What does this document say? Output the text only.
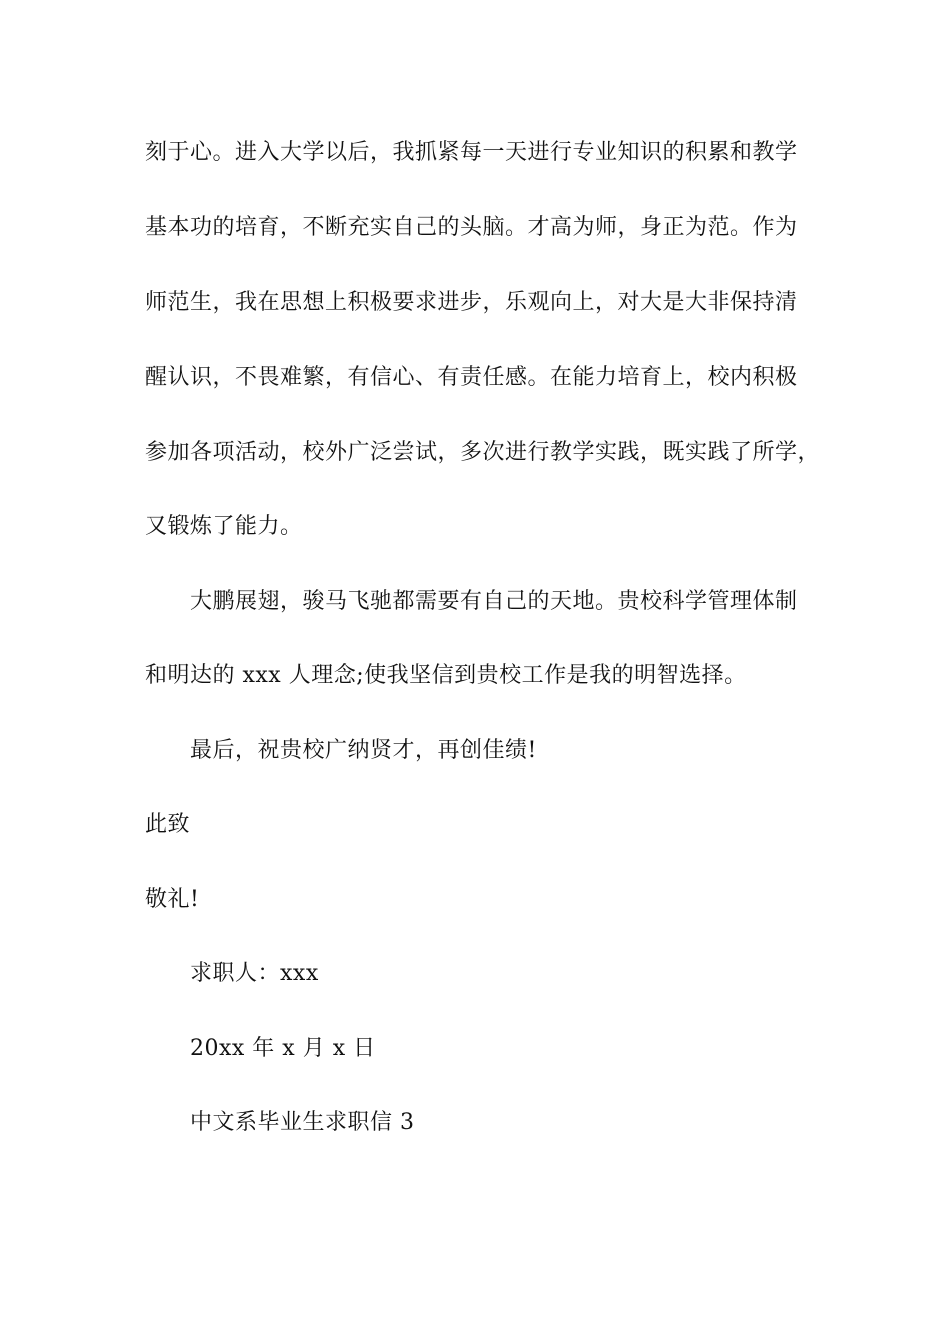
刻于心。进入大学以后，我抓紧每一天进行专业知识的积累和教学
基本功的培育，不断充实自己的头脑。才高为师，身正为范。作为
师范生，我在思想上积极要求进步，乐观向上，对大是大非保持清
醒认识，不畏难繁，有信心、有责任感。在能力培育上，校内积极
参加各项活动，校外广泛尝试，多次进行教学实践，既实践了所学，
又锻炼了能力。
大鹏展翅，骏马飞驰都需要有自己的天地。贵校科学管理体制
和明达的 xxx 人理念;使我坚信到贵校工作是我的明智选择。
最后，祝贵校广纳贤才，再创佳绩!
此致
敬礼!
求职人：xxx
20xx 年 x 月 x 日
中文系毕业生求职信 3
